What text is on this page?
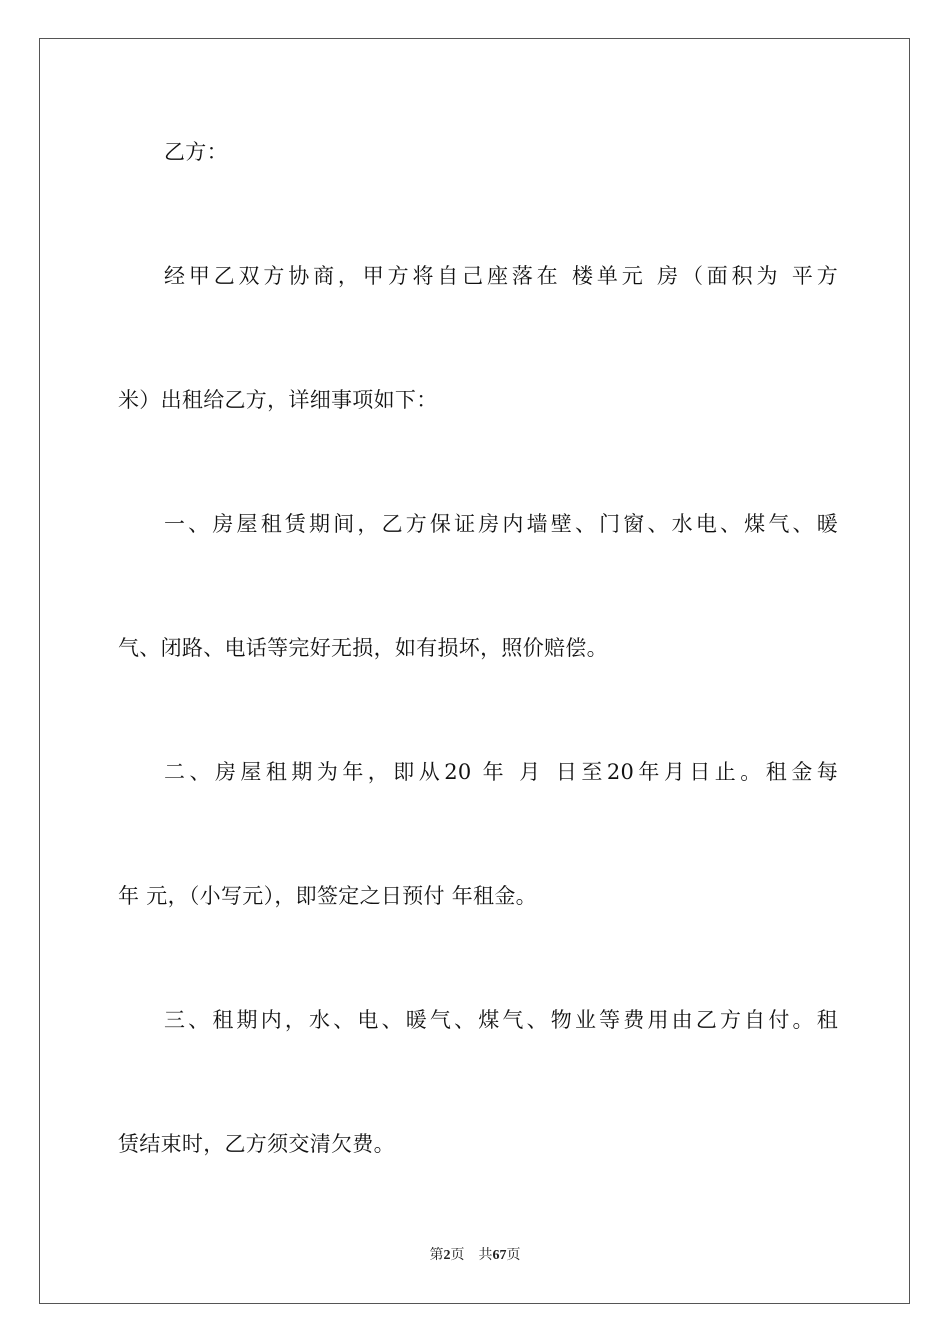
乙方：
经甲乙双方协商，甲方将自己座落在 楼单元 房（面积为 平方
米）出租给乙方，详细事项如下：
一、房屋租赁期间，乙方保证房内墙壁、门窗、水电、煤气、暖
气、闭路、电话等完好无损，如有损坏，照价赔偿。
二、房屋租期为年，即从20 年 月 日至20年月日止。租金每
年 元，（小写元），即签定之日预付 年租金。
三、租期内，水、电、暖气、煤气、物业等费用由乙方自付。租
赁结束时，乙方须交清欠费。
第2页 共67页
